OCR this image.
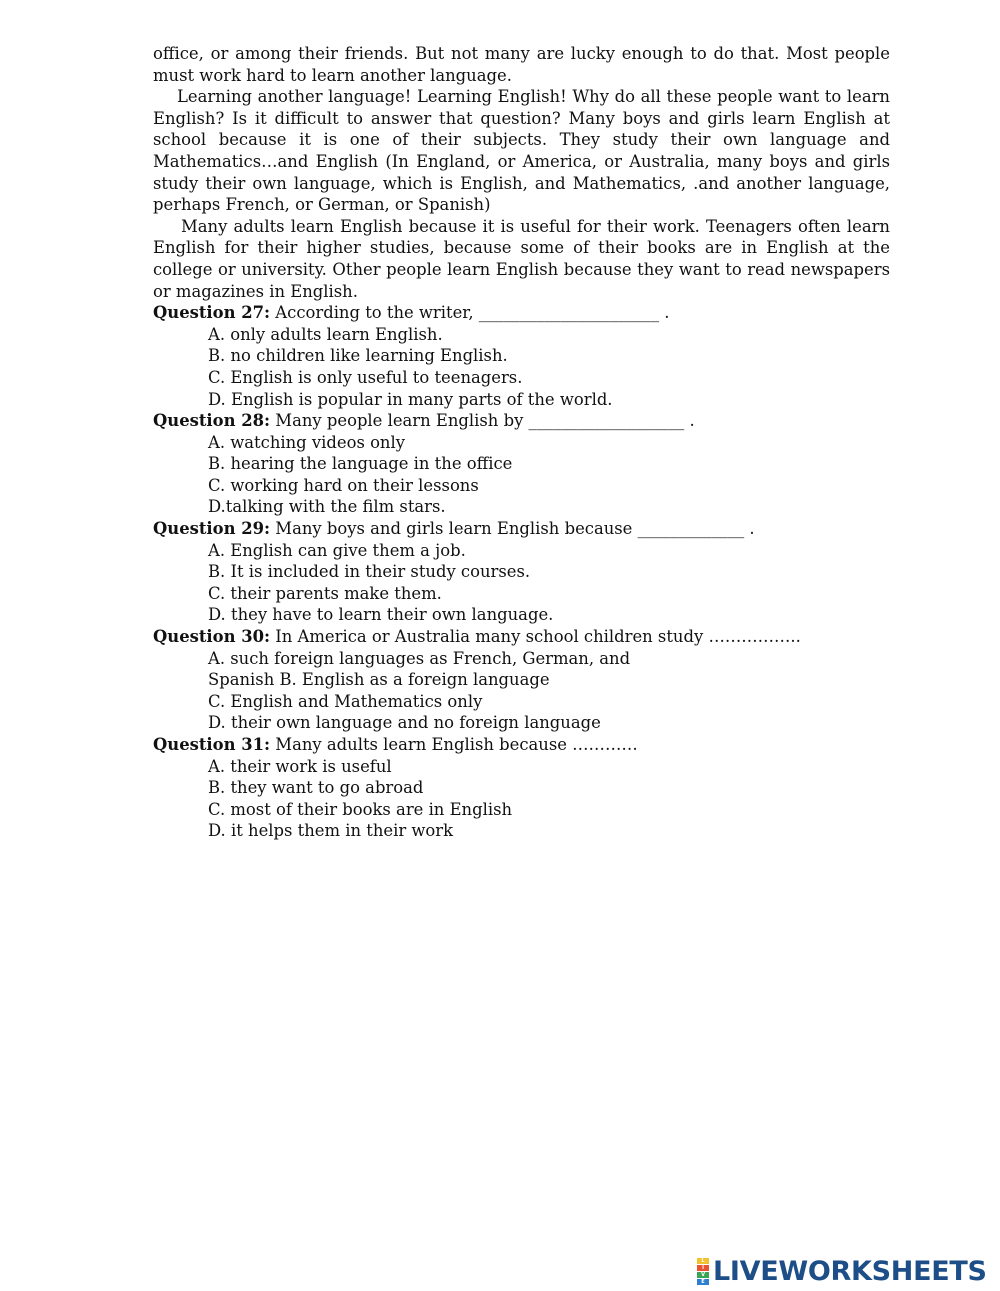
office, or among their friends. But not many are lucky enough to do that. Most people must work hard to learn another language.

Learning another language! Learning English! Why do all these people want to learn English? Is it difficult to answer that question? Many boys and girls learn English at school because it is one of their subjects. They study their own language and Mathematics…and English (In England, or America, or Australia, many boys and girls study their own language, which is English, and Mathematics, .and another language, perhaps French, or German, or Spanish)

Many adults learn English because it is useful for their work. Teenagers often learn English for their higher studies, because some of their books are in English at the college or university. Other people learn English because they want to read newspapers or magazines in English.

Question 27: According to the writer, ______________________ .

A. only adults learn English.

B. no children like learning English.

C. English is only useful to teenagers.

D. English is popular in many parts of the world.

Question 28: Many people learn English by ___________________ .

A. watching videos only

B. hearing the language in the office

C. working hard on their lessons

D.talking with the film stars.

Question 29: Many boys and girls learn English because _____________ .

A. English can give them a job.

B. It is included in their study courses.

C. their parents make them.

D. they have to learn their own language.

Question 30: In America or Australia many school children study ……………..

A. such foreign languages as French, German, and

Spanish B. English as a foreign language

C. English and Mathematics only

D. their own language and no foreign language

Question 31: Many adults learn English because …………

A. their work is useful

B. they want to go abroad

C. most of their books are in English

D. it helps them in their work

L
I
V
E LIVEWORKSHEETS
